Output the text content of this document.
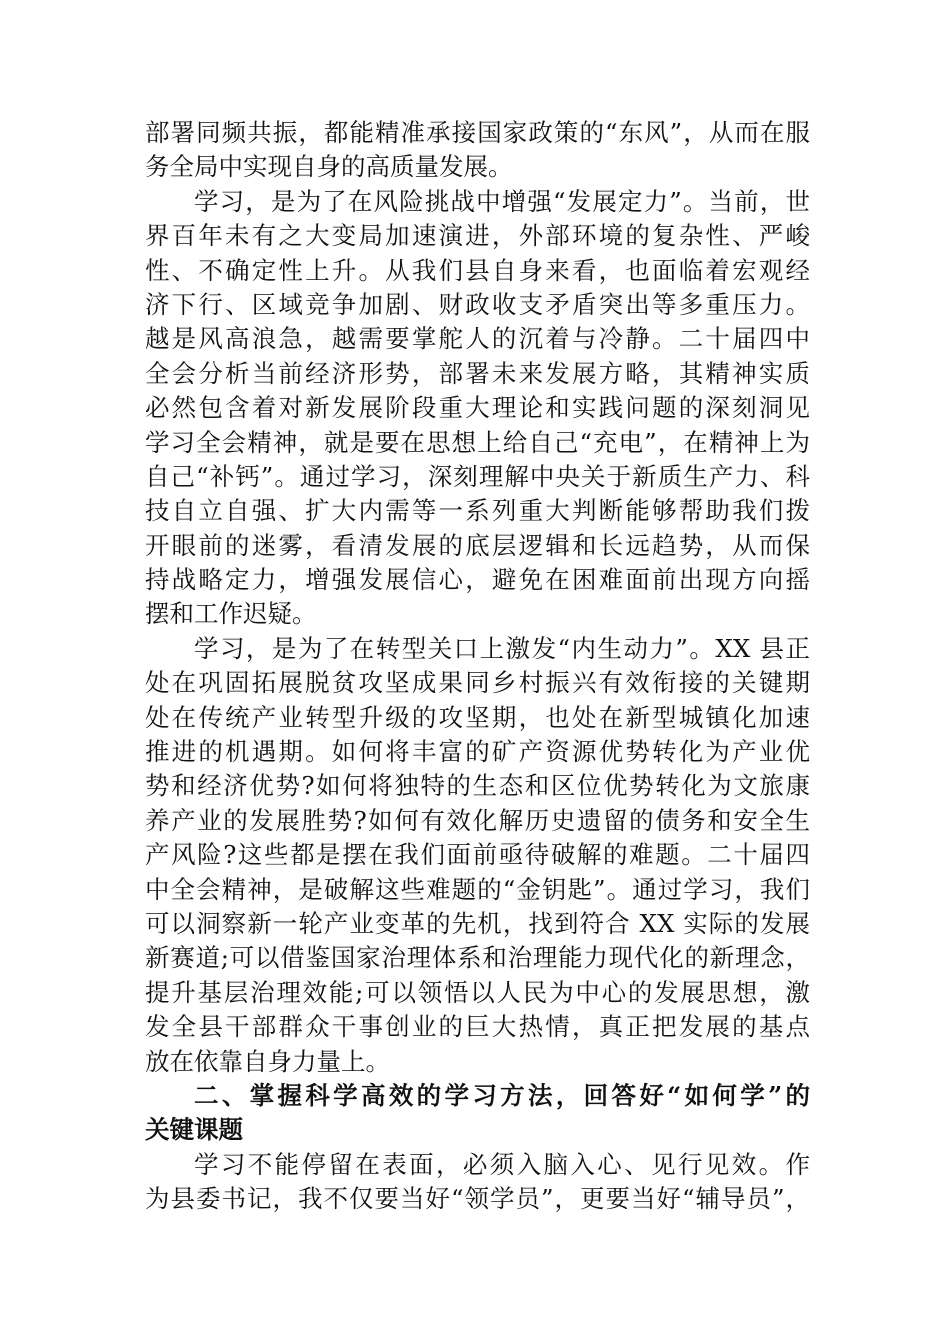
部署同频共振，都能精准承接国家政策的“东风”，从而在服
务全局中实现自身的高质量发展。
学习，是为了在风险挑战中增强“发展定力”。当前，世
界百年未有之大变局加速演进，外部环境的复杂性、严峻
性、不确定性上升。从我们县自身来看，也面临着宏观经
济下行、区域竞争加剧、财政收支矛盾突出等多重压力。
越是风高浪急，越需要掌舵人的沉着与冷静。二十届四中
全会分析当前经济形势，部署未来发展方略，其精神实质
必然包含着对新发展阶段重大理论和实践问题的深刻洞见
学习全会精神，就是要在思想上给自己“充电”，在精神上为
自己“补钙”。通过学习，深刻理解中央关于新质生产力、科
技自立自强、扩大内需等一系列重大判断能够帮助我们拨
开眼前的迷雾，看清发展的底层逻辑和长远趋势，从而保
持战略定力，增强发展信心，避免在困难面前出现方向摇
摆和工作迟疑。
学习，是为了在转型关口上激发“内生动力”。XX 县正
处在巩固拓展脱贫攻坚成果同乡村振兴有效衔接的关键期
处在传统产业转型升级的攻坚期，也处在新型城镇化加速
推进的机遇期。如何将丰富的矿产资源优势转化为产业优
势和经济优势?如何将独特的生态和区位优势转化为文旅康
养产业的发展胜势?如何有效化解历史遗留的债务和安全生
产风险?这些都是摆在我们面前亟待破解的难题。二十届四
中全会精神，是破解这些难题的“金钥匙”。通过学习，我们
可以洞察新一轮产业变革的先机，找到符合 XX 实际的发展
新赛道;可以借鉴国家治理体系和治理能力现代化的新理念，
提升基层治理效能;可以领悟以人民为中心的发展思想，激
发全县干部群众干事创业的巨大热情，真正把发展的基点
放在依靠自身力量上。
二、掌握科学高效的学习方法，回答好“如何学”的
关键课题
学习不能停留在表面，必须入脑入心、见行见效。作
为县委书记，我不仅要当好“领学员”，更要当好“辅导员”，
